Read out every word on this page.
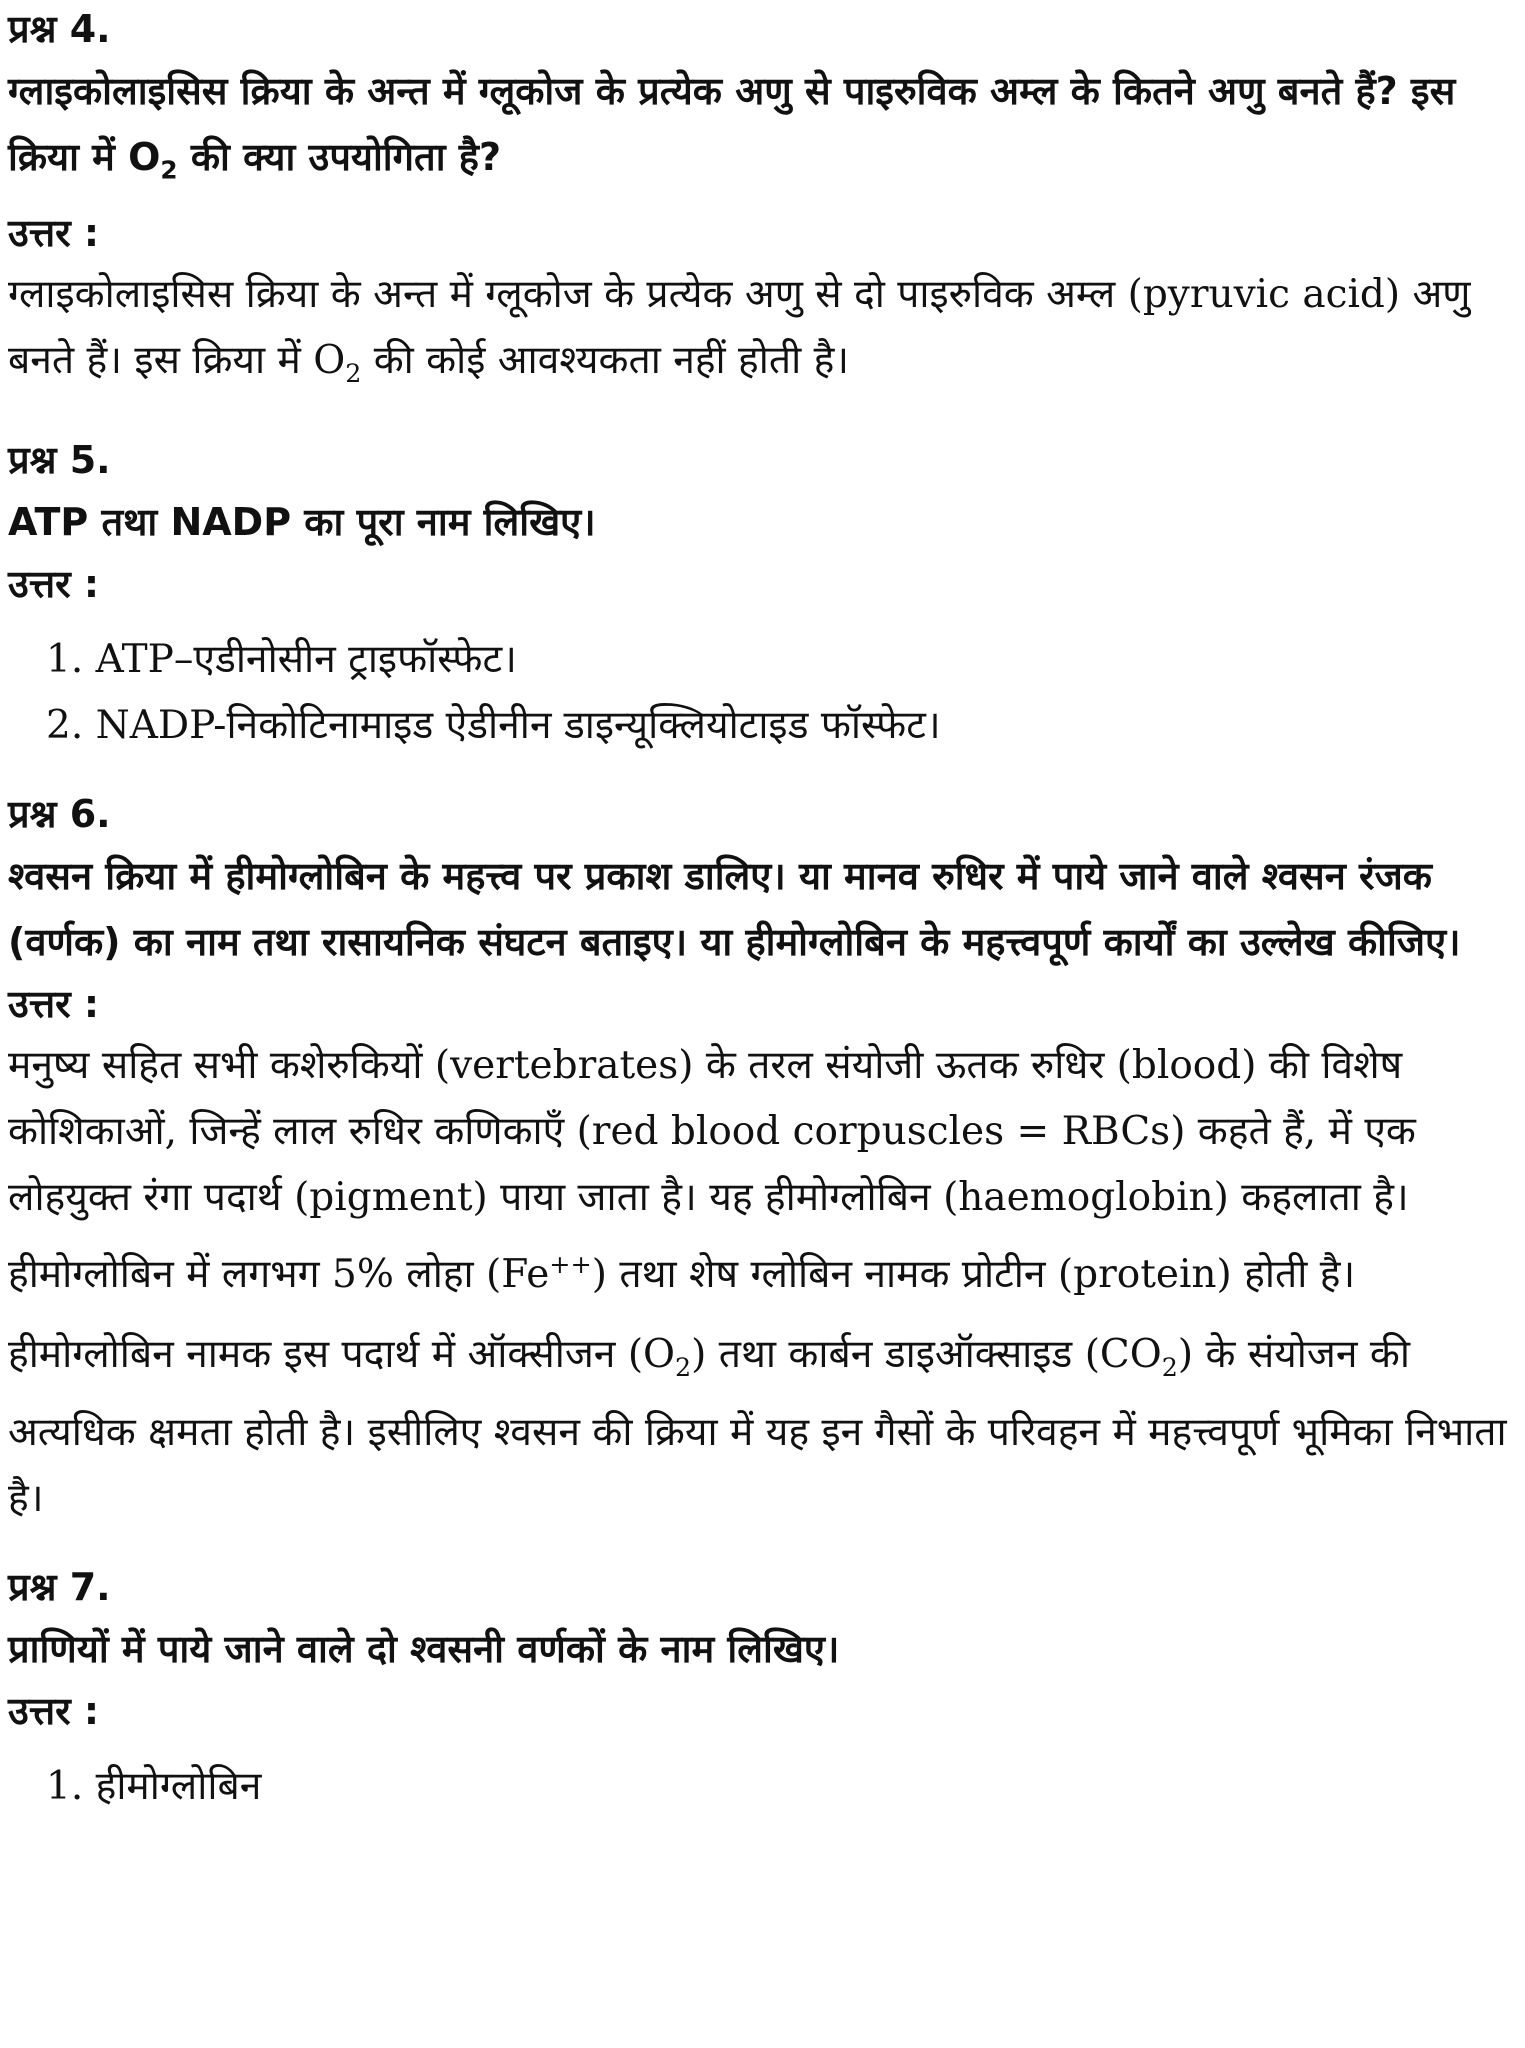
प्रश्न 4.

ग्लाइकोलाइसिस क्रिया के अन्त में ग्लूकोज के प्रत्येक अणु से पाइरुविक अम्ल के कितने अणु बनते हैं? इस क्रिया में $O_2$ की क्या उपयोगिता है?

उत्तर :

ग्लाइकोलाइसिस क्रिया के अन्त में ग्लूकोज के प्रत्येक अणु से दो पाइरुविक अम्ल (pyruvic acid) अणु बनते हैं। इस क्रिया में $O_2$ की कोई आवश्यकता नहीं होती है।

प्रश्न 5.

ATP तथा NADP का पूरा नाम लिखिए।

उत्तर :

1. ATP–एडीनोसीन ट्राइफॉस्फेट।
2. NADP-निकोटिनामाइड ऐडीनीन डाइन्यूक्लियोटाइड फॉस्फेट।

प्रश्न 6.

श्वसन क्रिया में हीमोग्लोबिन के महत्त्व पर प्रकाश डालिए। या मानव रुधिर में पाये जाने वाले श्वसन रंजक (वर्णक) का नाम तथा रासायनिक संघटन बताइए। या हीमोग्लोबिन के महत्त्वपूर्ण कार्यों का उल्लेख कीजिए।

उत्तर :

मनुष्य सहित सभी कशेरुकियों (vertebrates) के तरल संयोजी ऊतक रुधिर (blood) की विशेष कोशिकाओं, जिन्हें लाल रुधिर कणिकाएँ (red blood corpuscles = RBCs) कहते हैं, में एक लोहयुक्त रंगा पदार्थ (pigment) पाया जाता है। यह हीमोग्लोबिन (haemoglobin) कहलाता है। हीमोग्लोबिन में लगभग 5% लोहा (Fe++) तथा शेष ग्लोबिन नामक प्रोटीन (protein) होती है।

हीमोग्लोबिन नामक इस पदार्थ में ऑक्सीजन $(O_2)$ तथा कार्बन डाइऑक्साइड $(CO_2)$ के संयोजन की अत्यधिक क्षमता होती है। इसीलिए श्वसन की क्रिया में यह इन गैसों के परिवहन में महत्त्वपूर्ण भूमिका निभाता है।

प्रश्न 7.

प्राणियों में पाये जाने वाले दो श्वसनी वर्णकों के नाम लिखिए।

उत्तर :

1. हीमोग्लोबिन
